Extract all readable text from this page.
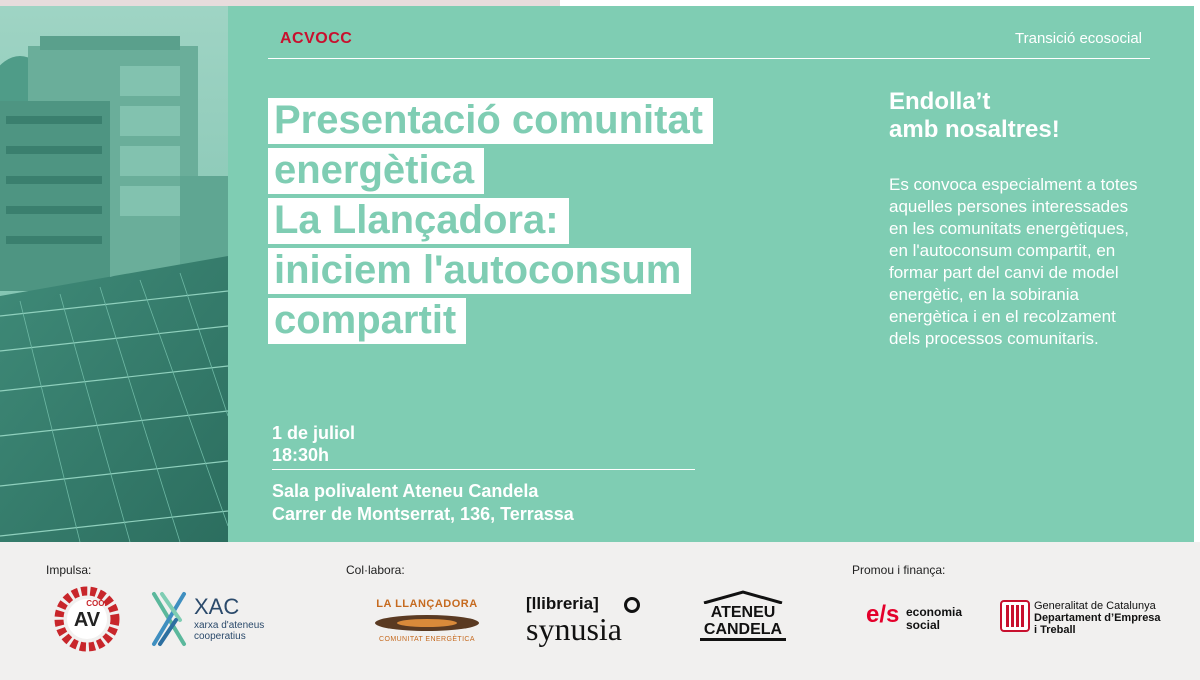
ACVOCC	Transició ecosocial
Presentació comunitat
energètica
La Llançadora:
iniciem l'autoconsum
compartit
1 de juliol
18:30h
Sala polivalent Ateneu Candela
Carrer de Montserrat, 136, Terrassa
Endolla’t
amb nosaltres!
Es convoca especialment a totes aquelles persones interessades en les comunitats energètiques, en l'autoconsum compartit, en formar part del canvi de model energètic, en la sobirania energètica i en el recolzament dels processos comunitaris.
Impulsa:	Col·labora:	Promou i finança:
AV
COOP	XAC
xarxa d'ateneus
cooperatius
LA LLANÇADORA
COMUNITAT ENERGÈTICA
[llibreria]
synusia	ATENEU
CANDELA
e/s economia
social
Generalitat de Catalunya
Departament d’Empresa
i Treball
